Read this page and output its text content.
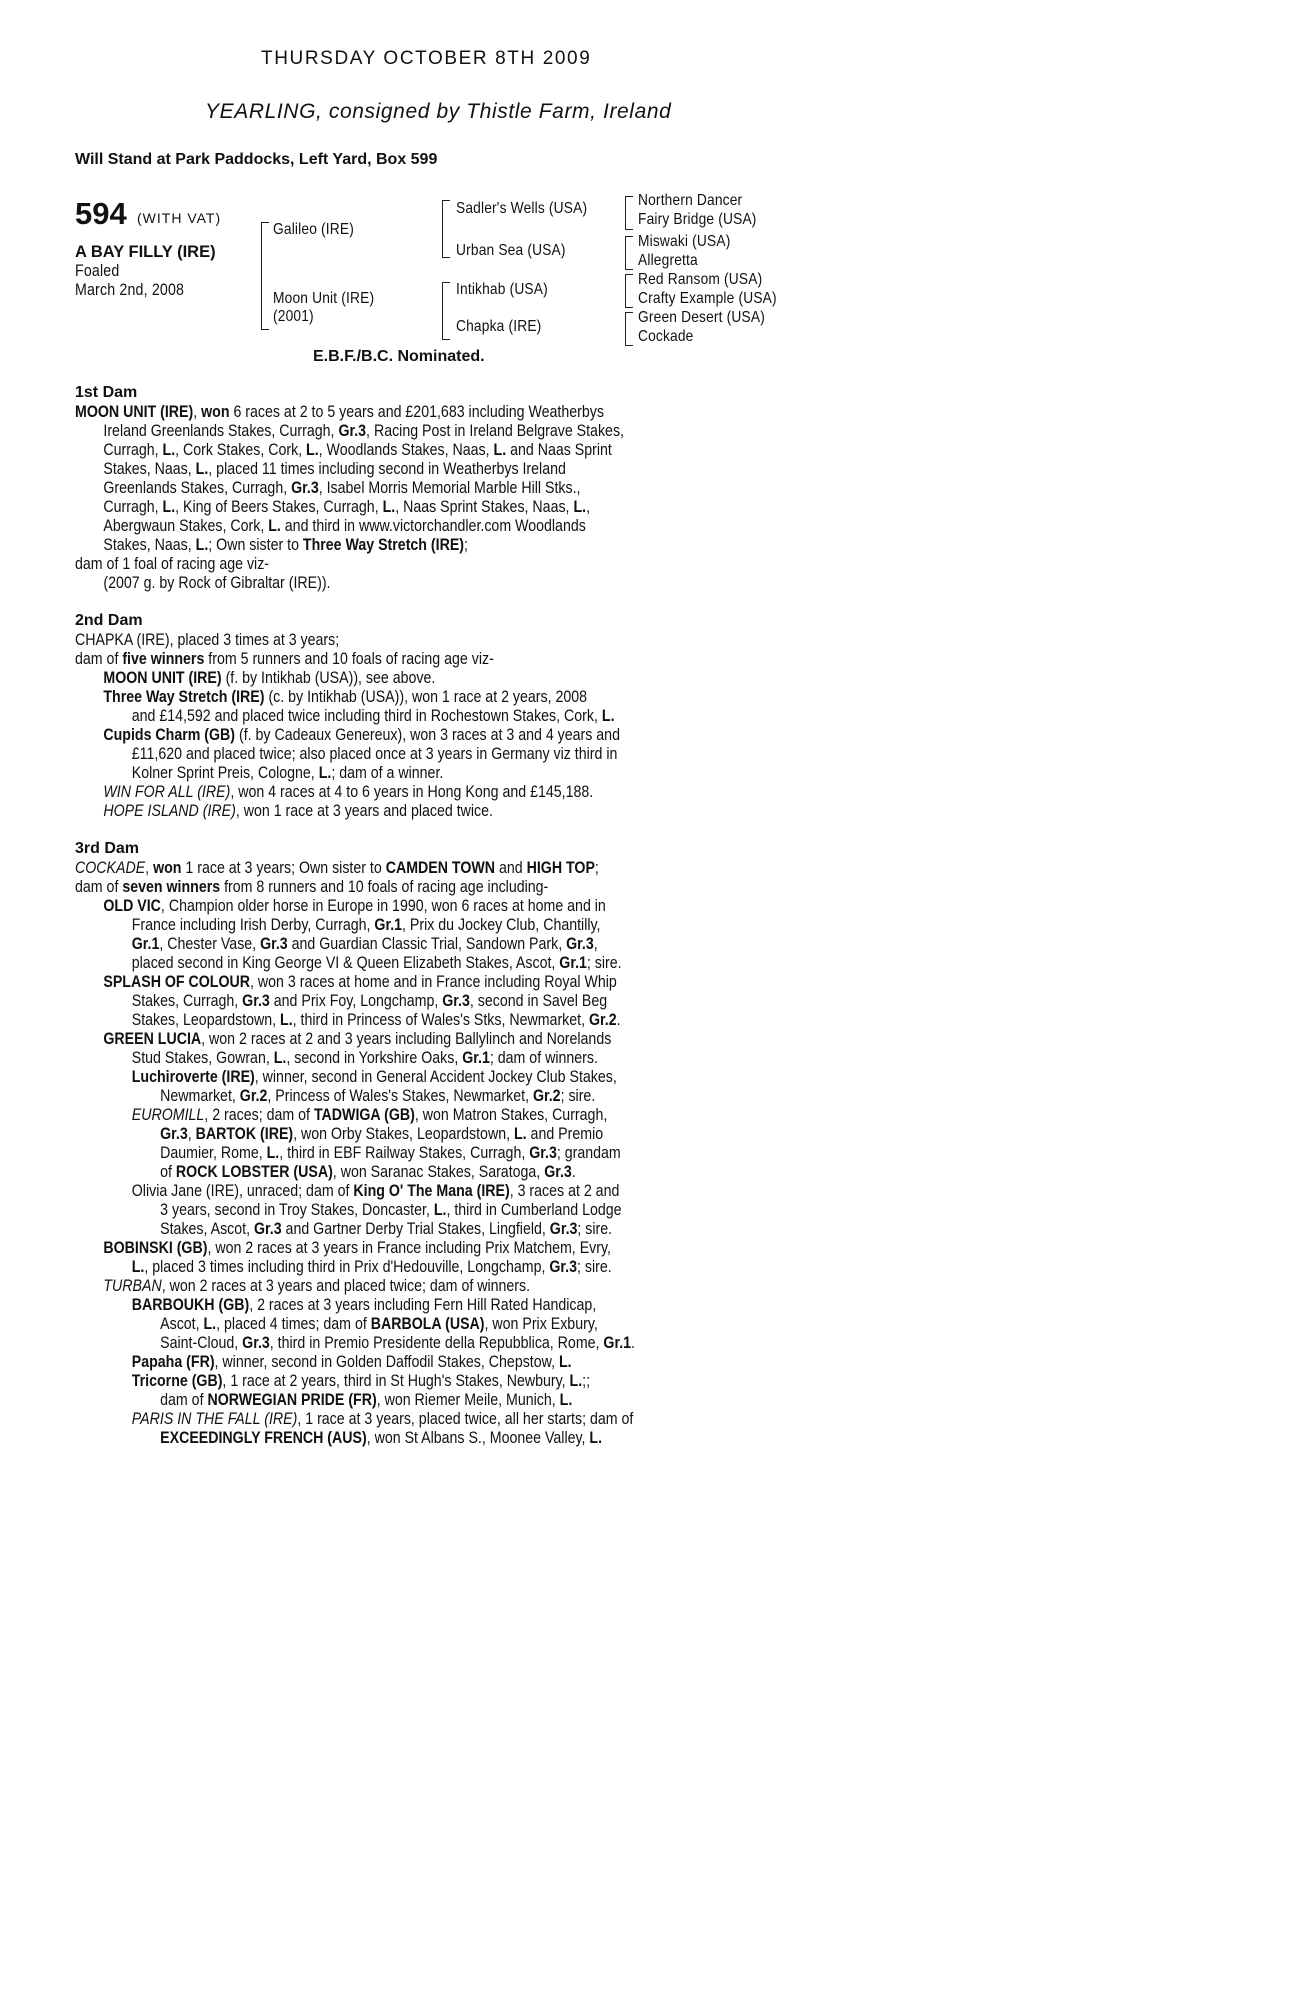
THURSDAY OCTOBER 8TH 2009
YEARLING, consigned by Thistle Farm, Ireland
Will Stand at Park Paddocks, Left Yard, Box 599
594 (WITH VAT)
A BAY FILLY (IRE)
Foaled
March 2nd, 2008
Galileo (IRE)
Moon Unit (IRE)
(2001)
Sadler's Wells (USA)
Urban Sea (USA)
Intikhab (USA)
Chapka (IRE)
Northern Dancer
Fairy Bridge (USA)
Miswaki (USA)
Allegretta
Red Ransom (USA)
Crafty Example (USA)
Green Desert (USA)
Cockade
E.B.F./B.C. Nominated.
1st Dam
MOON UNIT (IRE), won 6 races at 2 to 5 years and £201,683 including Weatherbys
Ireland Greenlands Stakes, Curragh, Gr.3, Racing Post in Ireland Belgrave Stakes,
Curragh, L., Cork Stakes, Cork, L., Woodlands Stakes, Naas, L. and Naas Sprint
Stakes, Naas, L., placed 11 times including second in Weatherbys Ireland
Greenlands Stakes, Curragh, Gr.3, Isabel Morris Memorial Marble Hill Stks.,
Curragh, L., King of Beers Stakes, Curragh, L., Naas Sprint Stakes, Naas, L.,
Abergwaun Stakes, Cork, L. and third in www.victorchandler.com Woodlands
Stakes, Naas, L.; Own sister to Three Way Stretch (IRE);
dam of 1 foal of racing age viz-
(2007 g. by Rock of Gibraltar (IRE)).
2nd Dam
CHAPKA (IRE), placed 3 times at 3 years;
dam of five winners from 5 runners and 10 foals of racing age viz-
MOON UNIT (IRE) (f. by Intikhab (USA)), see above.
Three Way Stretch (IRE) (c. by Intikhab (USA)), won 1 race at 2 years, 2008
and £14,592 and placed twice including third in Rochestown Stakes, Cork, L.
Cupids Charm (GB) (f. by Cadeaux Genereux), won 3 races at 3 and 4 years and
£11,620 and placed twice; also placed once at 3 years in Germany viz third in
Kolner Sprint Preis, Cologne, L.; dam of a winner.
WIN FOR ALL (IRE), won 4 races at 4 to 6 years in Hong Kong and £145,188.
HOPE ISLAND (IRE), won 1 race at 3 years and placed twice.
3rd Dam
COCKADE, won 1 race at 3 years; Own sister to CAMDEN TOWN and HIGH TOP;
dam of seven winners from 8 runners and 10 foals of racing age including-
OLD VIC, Champion older horse in Europe in 1990, won 6 races at home and in
France including Irish Derby, Curragh, Gr.1, Prix du Jockey Club, Chantilly,
Gr.1, Chester Vase, Gr.3 and Guardian Classic Trial, Sandown Park, Gr.3,
placed second in King George VI & Queen Elizabeth Stakes, Ascot, Gr.1; sire.
SPLASH OF COLOUR, won 3 races at home and in France including Royal Whip
Stakes, Curragh, Gr.3 and Prix Foy, Longchamp, Gr.3, second in Savel Beg
Stakes, Leopardstown, L., third in Princess of Wales's Stks, Newmarket, Gr.2.
GREEN LUCIA, won 2 races at 2 and 3 years including Ballylinch and Norelands
Stud Stakes, Gowran, L., second in Yorkshire Oaks, Gr.1; dam of winners.
Luchiroverte (IRE), winner, second in General Accident Jockey Club Stakes,
Newmarket, Gr.2, Princess of Wales's Stakes, Newmarket, Gr.2; sire.
EUROMILL, 2 races; dam of TADWIGA (GB), won Matron Stakes, Curragh,
Gr.3, BARTOK (IRE), won Orby Stakes, Leopardstown, L. and Premio
Daumier, Rome, L., third in EBF Railway Stakes, Curragh, Gr.3; grandam
of ROCK LOBSTER (USA), won Saranac Stakes, Saratoga, Gr.3.
Olivia Jane (IRE), unraced; dam of King O' The Mana (IRE), 3 races at 2 and
3 years, second in Troy Stakes, Doncaster, L., third in Cumberland Lodge
Stakes, Ascot, Gr.3 and Gartner Derby Trial Stakes, Lingfield, Gr.3; sire.
BOBINSKI (GB), won 2 races at 3 years in France including Prix Matchem, Evry,
L., placed 3 times including third in Prix d'Hedouville, Longchamp, Gr.3; sire.
TURBAN, won 2 races at 3 years and placed twice; dam of winners.
BARBOUKH (GB), 2 races at 3 years including Fern Hill Rated Handicap,
Ascot, L., placed 4 times; dam of BARBOLA (USA), won Prix Exbury,
Saint-Cloud, Gr.3, third in Premio Presidente della Repubblica, Rome, Gr.1.
Papaha (FR), winner, second in Golden Daffodil Stakes, Chepstow, L.
Tricorne (GB), 1 race at 2 years, third in St Hugh's Stakes, Newbury, L.;;
dam of NORWEGIAN PRIDE (FR), won Riemer Meile, Munich, L.
PARIS IN THE FALL (IRE), 1 race at 3 years, placed twice, all her starts; dam of
EXCEEDINGLY FRENCH (AUS), won St Albans S., Moonee Valley, L.
